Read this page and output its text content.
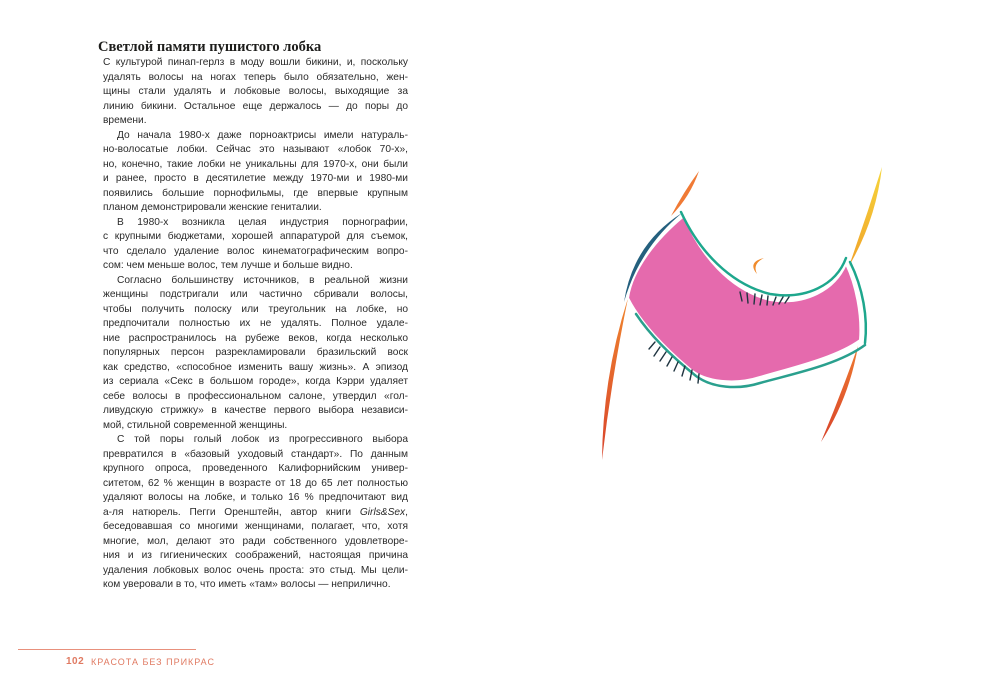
Светлой памяти пушистого лобка
С культурой пинап-герлз в моду вошли бикини, и, поскольку
удалять волосы на ногах теперь было обязательно, жен-
щины стали удалять и лобковые волосы, выходящие за
линию бикини. Остальное еще держалось — до поры до
времени.
До начала 1980-х даже порноактрисы имели натураль-
но-волосатые лобки. Сейчас это называют «лобок 70-х»,
но, конечно, такие лобки не уникальны для 1970-х, они были
и ранее, просто в десятилетие между 1970-ми и 1980-ми
появились большие порнофильмы, где впервые крупным
планом демонстрировали женские гениталии.
В 1980-х возникла целая индустрия порнографии,
с крупными бюджетами, хорошей аппаратурой для съемок,
что сделало удаление волос кинематографическим вопро-
сом: чем меньше волос, тем лучше и больше видно.
Согласно большинству источников, в реальной жизни
женщины подстригали или частично сбривали волосы,
чтобы получить полоску или треугольник на лобке, но
предпочитали полностью их не удалять. Полное удале-
ние распространилось на рубеже веков, когда несколько
популярных персон разрекламировали бразильский воск
как средство, «способное изменить вашу жизнь». А эпизод
из сериала «Секс в большом городе», когда Кэрри удаляет
себе волосы в профессиональном салоне, утвердил «гол-
ливудскую стрижку» в качестве первого выбора независи-
мой, стильной современной женщины.
С той поры голый лобок из прогрессивного выбора
превратился в «базовый уходовый стандарт». По данным
крупного опроса, проведенного Калифорнийским универ-
ситетом, 62 % женщин в возрасте от 18 до 65 лет полностью
удаляют волосы на лобке, и только 16 % предпочитают вид
а-ля натюрель. Пегги Оренштейн, автор книги Girls&Sex,
беседовавшая со многими женщинами, полагает, что, хотя
многие, мол, делают это ради собственного удовлетворе-
ния и из гигиенических соображений, настоящая причина
удаления лобковых волос очень проста: это стыд. Мы цели-
ком уверовали в то, что иметь «там» волосы — неприлично.
102 КРАСОТА БЕЗ ПРИКРАС
